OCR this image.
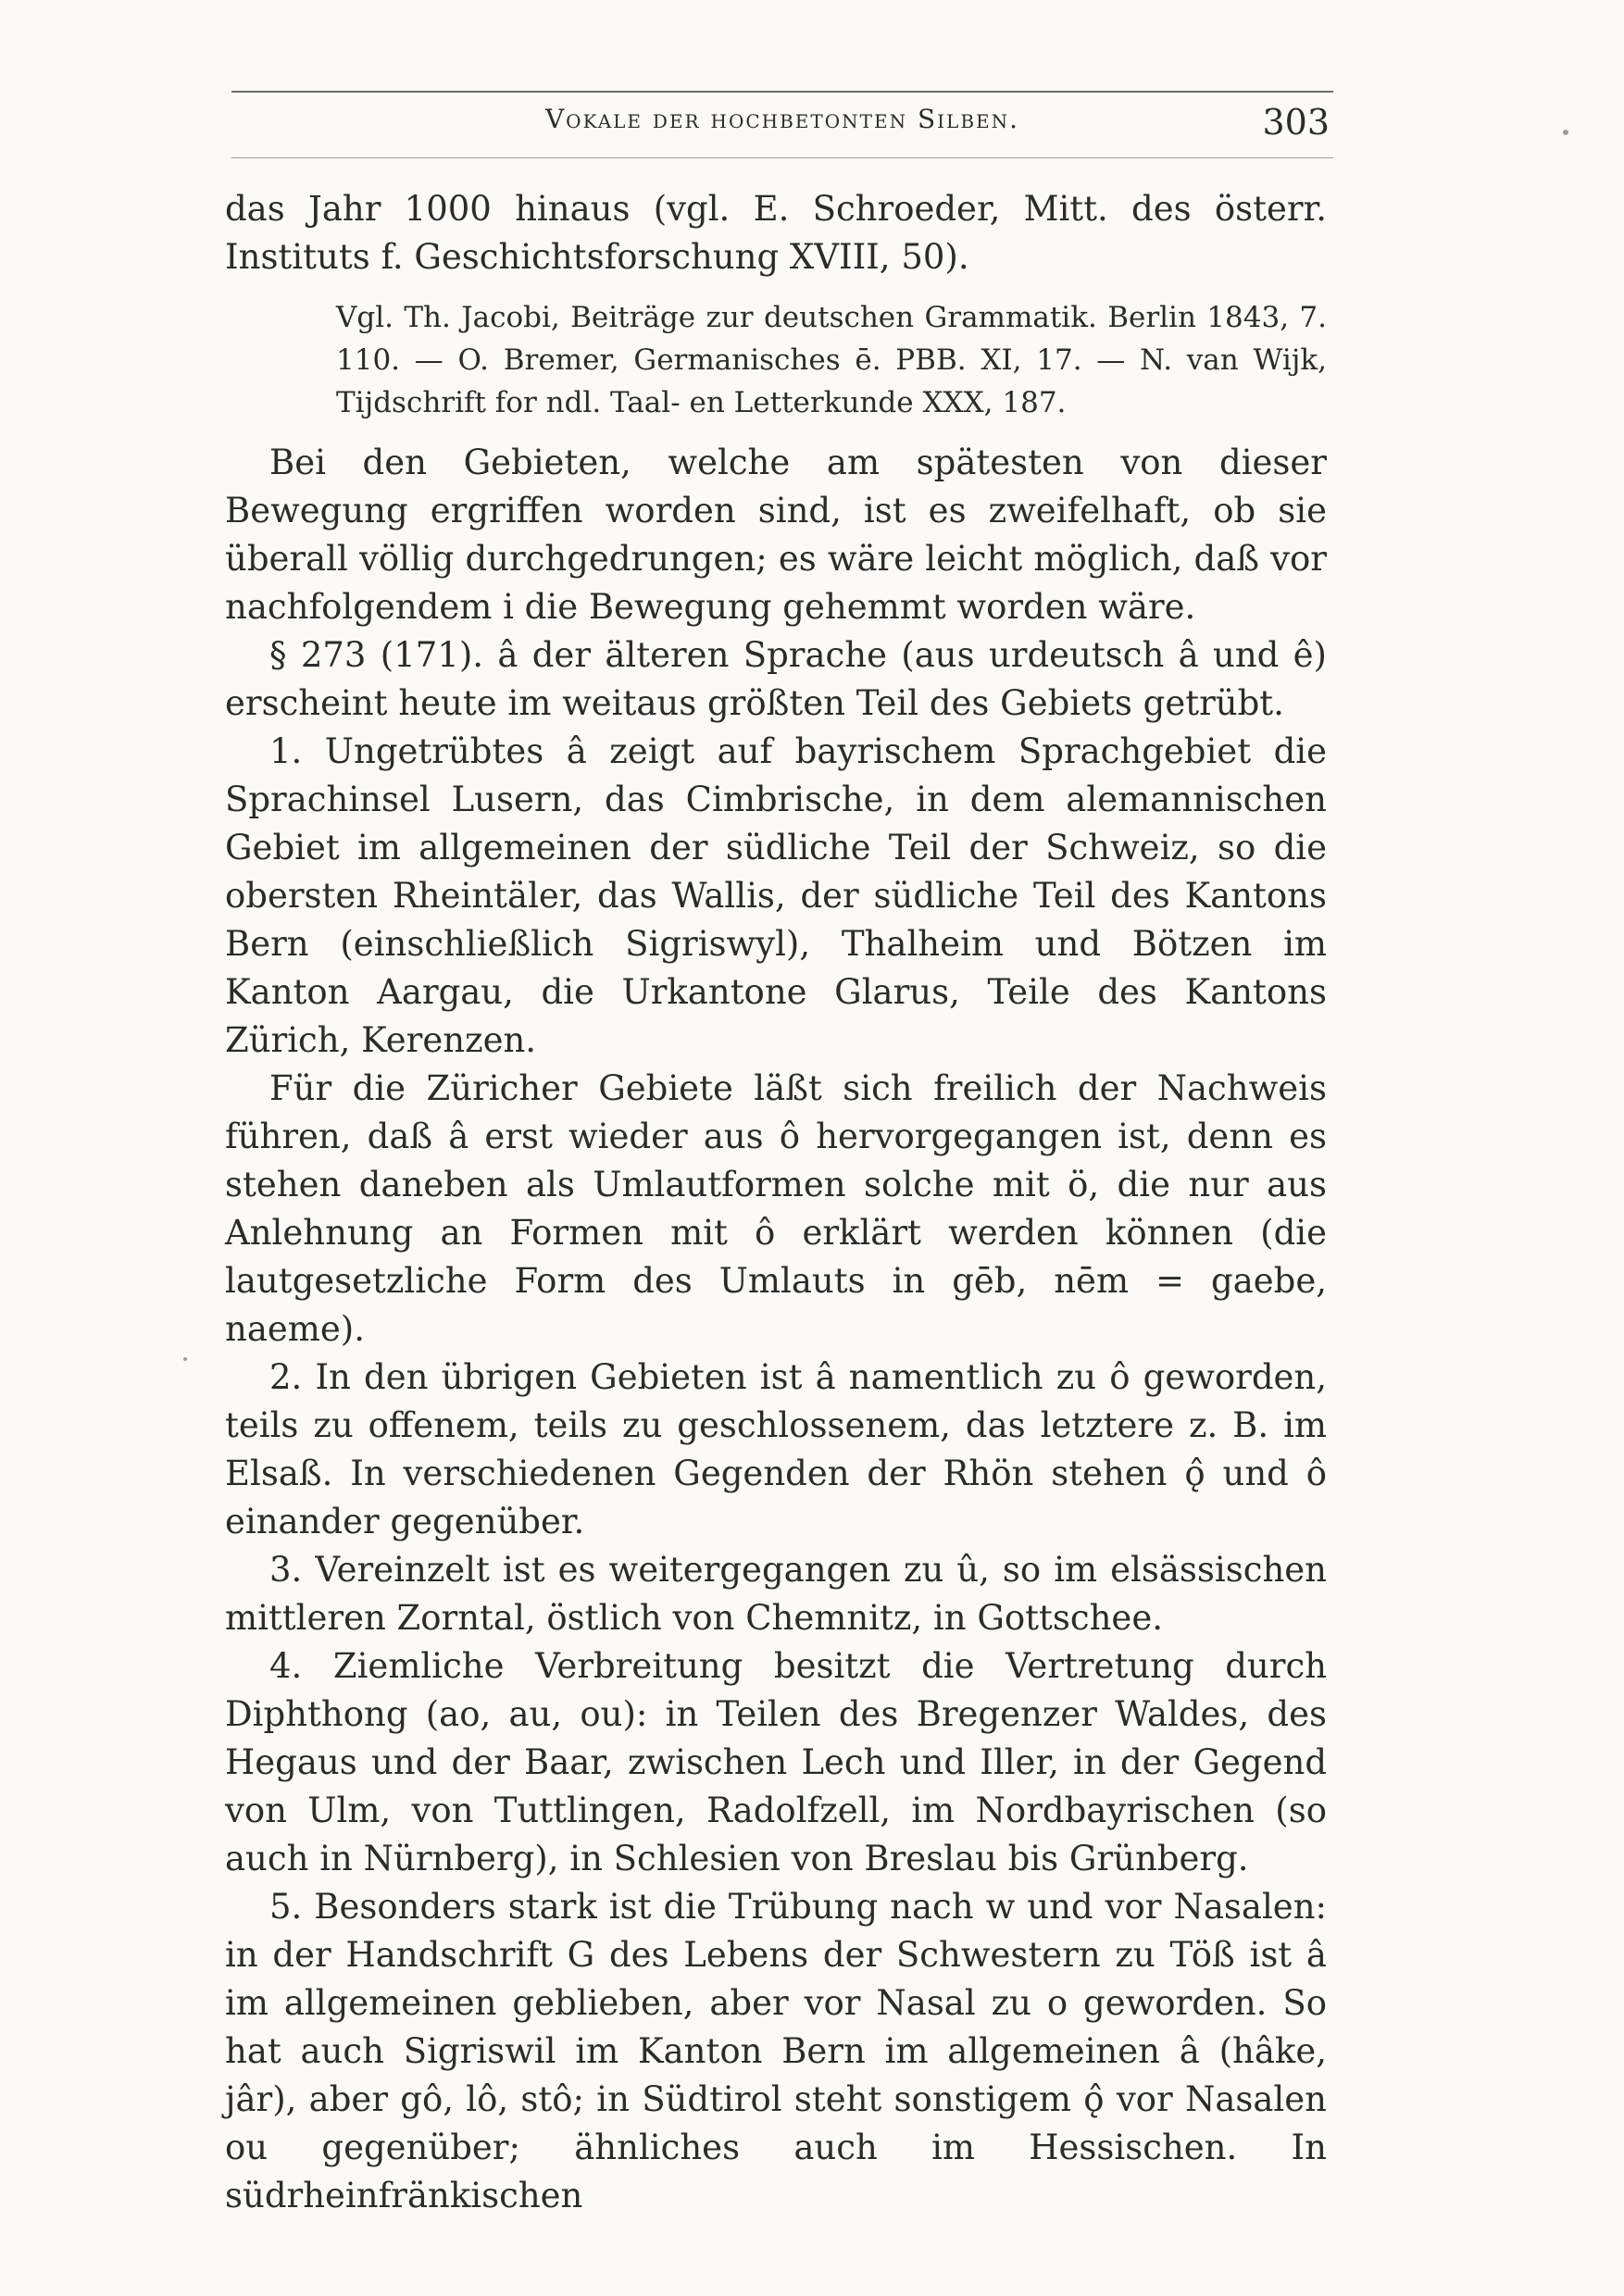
Vokale der hochbetonten Silben.	303

das Jahr 1000 hinaus (vgl. E. Schroeder, Mitt. des österr. Instituts f. Geschichtsforschung XVIII, 50).

Vgl. Th. Jacobi, Beiträge zur deutschen Grammatik. Berlin 1843, 7. 110. — O. Bremer, Germanisches ē. PBB. XI, 17. — N. van Wijk, Tijdschrift for ndl. Taal- en Letterkunde XXX, 187.

Bei den Gebieten, welche am spätesten von dieser Bewegung ergriffen worden sind, ist es zweifelhaft, ob sie überall völlig durchgedrungen; es wäre leicht möglich, daß vor nachfolgendem i die Bewegung gehemmt worden wäre.

§ 273 (171). â der älteren Sprache (aus urdeutsch â und ê) erscheint heute im weitaus größten Teil des Gebiets getrübt.

1. Ungetrübtes â zeigt auf bayrischem Sprachgebiet die Sprachinsel Lusern, das Cimbrische, in dem alemannischen Gebiet im allgemeinen der südliche Teil der Schweiz, so die obersten Rheintäler, das Wallis, der südliche Teil des Kantons Bern (einschließlich Sigriswyl), Thalheim und Bötzen im Kanton Aargau, die Urkantone Glarus, Teile des Kantons Zürich, Kerenzen.

Für die Züricher Gebiete läßt sich freilich der Nachweis führen, daß â erst wieder aus ô hervorgegangen ist, denn es stehen daneben als Umlautformen solche mit ö, die nur aus Anlehnung an Formen mit ô erklärt werden können (die lautgesetzliche Form des Umlauts in gēb, nēm = gaebe, naeme).

2. In den übrigen Gebieten ist â namentlich zu ô geworden, teils zu offenem, teils zu geschlossenem, das letztere z. B. im Elsaß. In verschiedenen Gegenden der Rhön stehen ǫ̂ und ô einander gegenüber.

3. Vereinzelt ist es weitergegangen zu û, so im elsässischen mittleren Zorntal, östlich von Chemnitz, in Gottschee.

4. Ziemliche Verbreitung besitzt die Vertretung durch Diphthong (ao, au, ou): in Teilen des Bregenzer Waldes, des Hegaus und der Baar, zwischen Lech und Iller, in der Gegend von Ulm, von Tuttlingen, Radolfzell, im Nordbayrischen (so auch in Nürnberg), in Schlesien von Breslau bis Grünberg.

5. Besonders stark ist die Trübung nach w und vor Nasalen: in der Handschrift G des Lebens der Schwestern zu Töß ist â im allgemeinen geblieben, aber vor Nasal zu o geworden. So hat auch Sigriswil im Kanton Bern im allgemeinen â (hâke, jâr), aber gô, lô, stô; in Südtirol steht sonstigem ǫ̂ vor Nasalen ou gegenüber; ähnliches auch im Hessischen. In südrheinfränkischen
